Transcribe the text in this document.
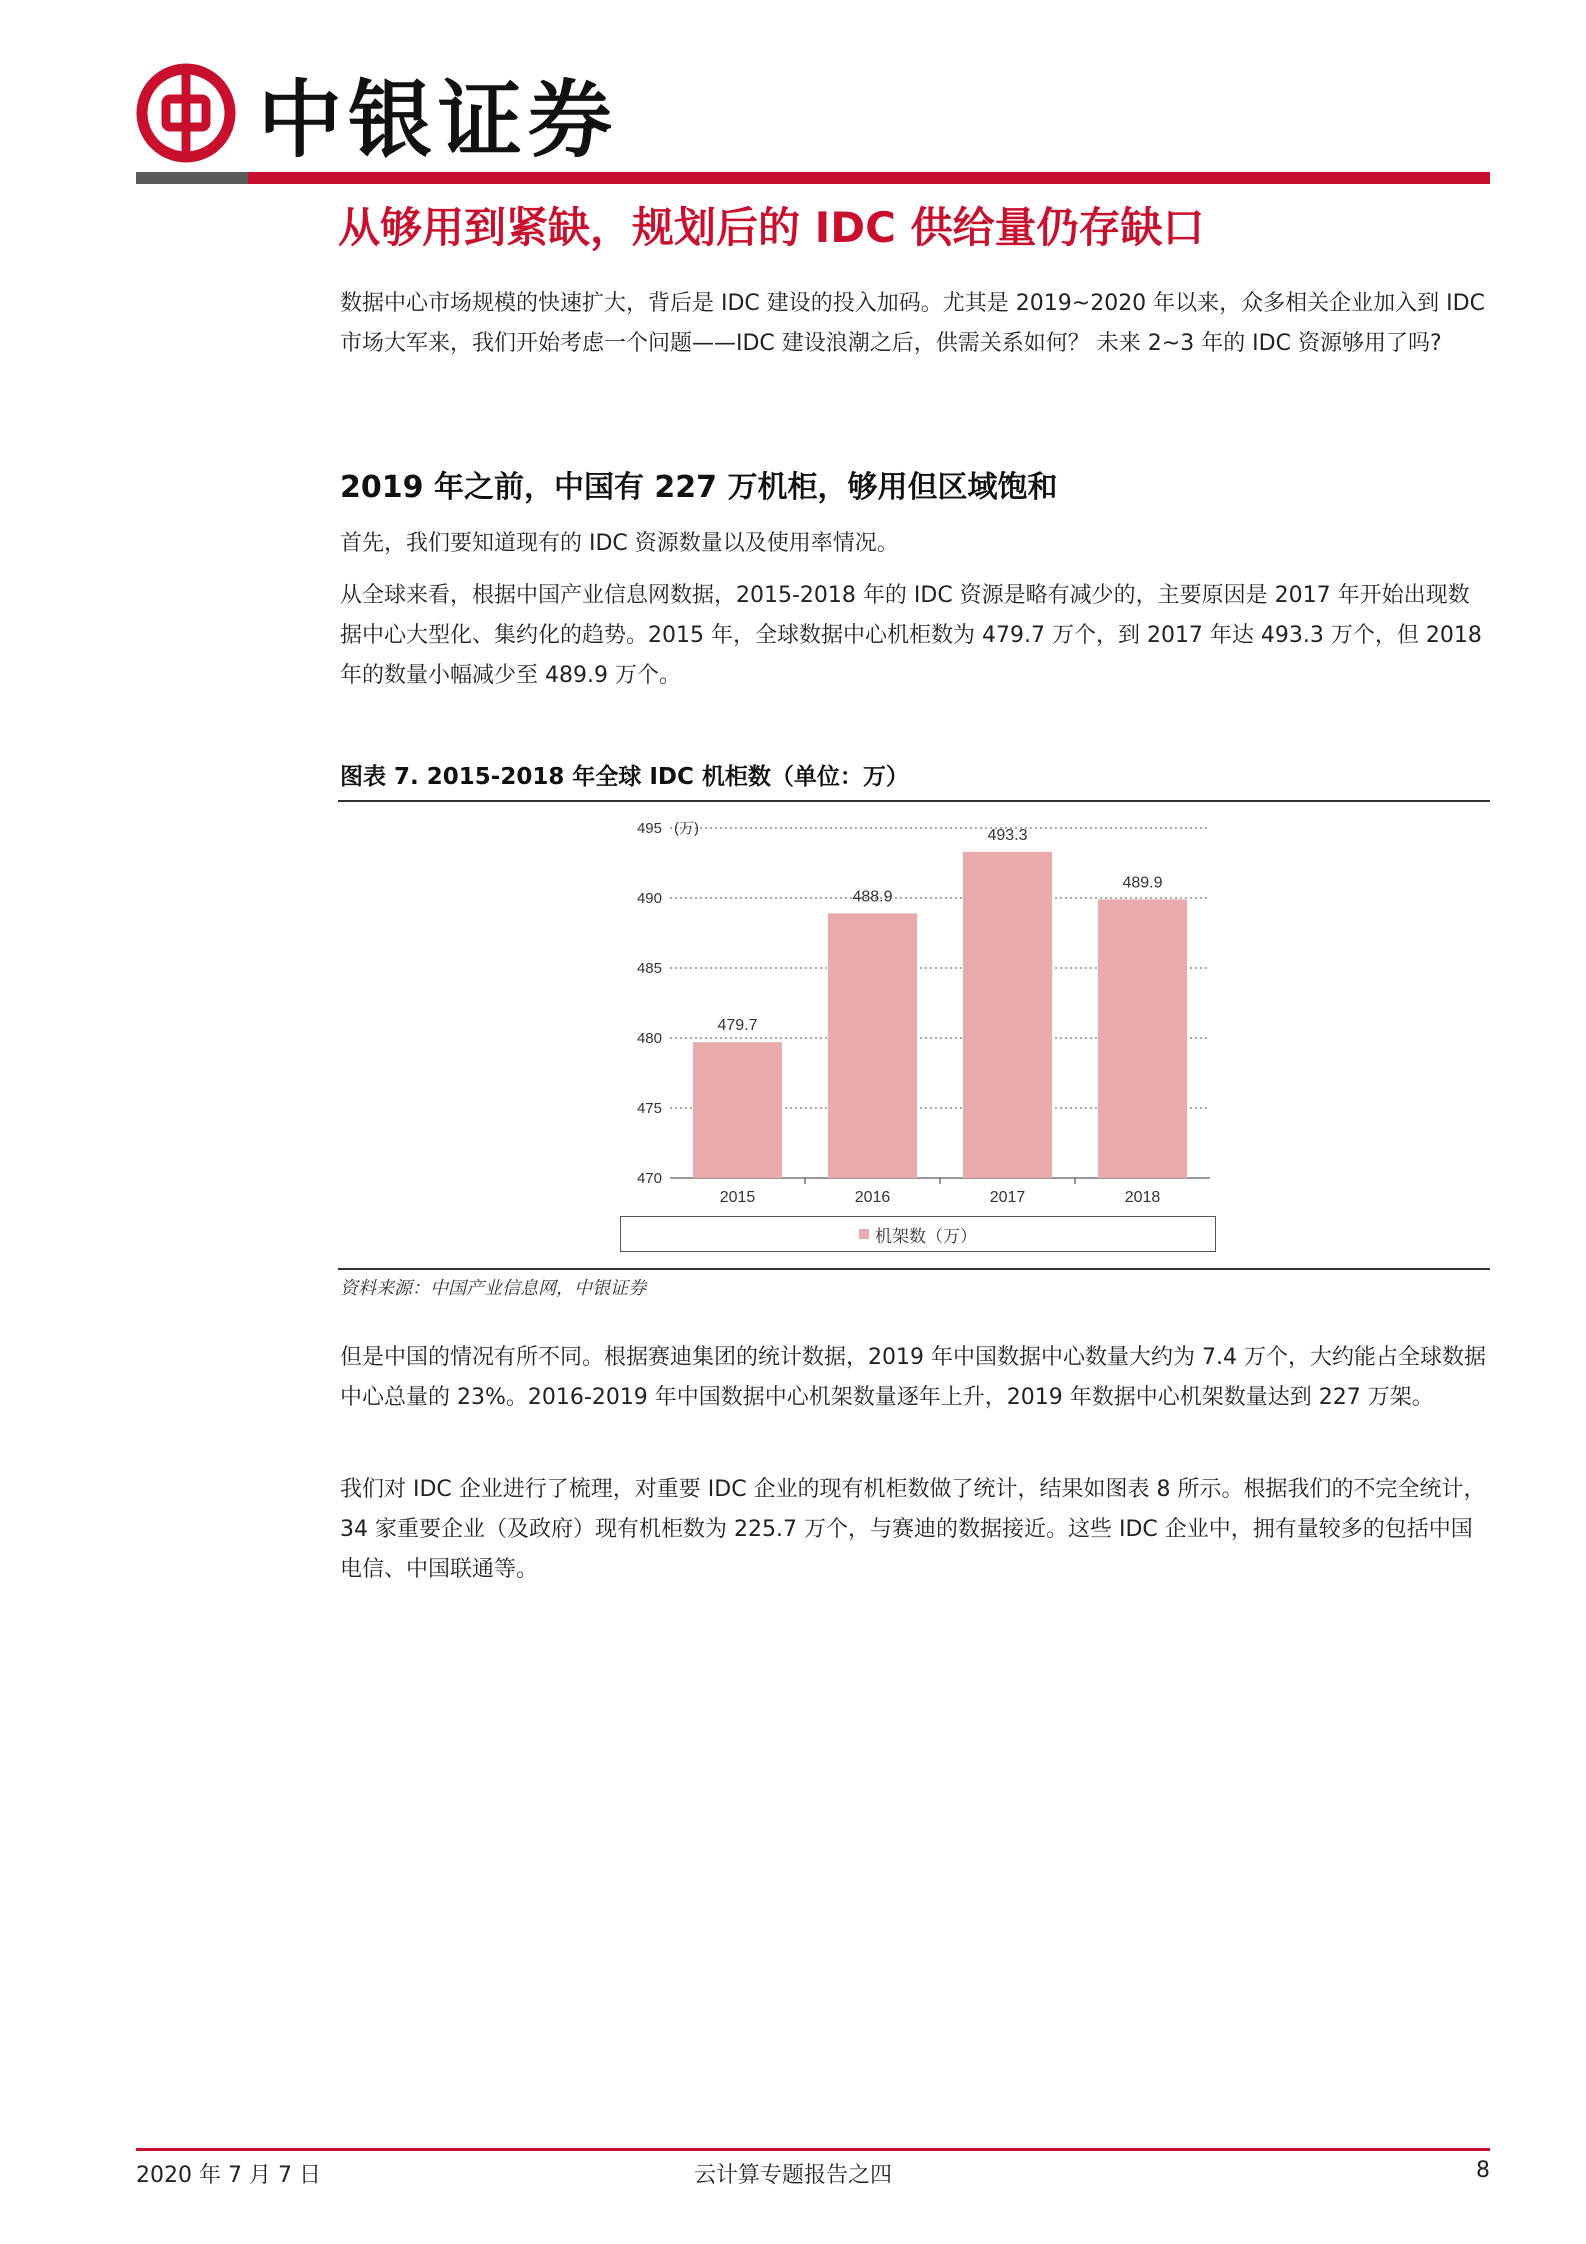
中银证券
从够用到紧缺，规划后的 IDC 供给量仍存缺口

数据中心市场规模的快速扩大，背后是 IDC 建设的投入加码。尤其是 2019~2020 年以来，众多相关企业加入到 IDC 市场大军来，我们开始考虑一个问题——IDC 建设浪潮之后，供需关系如何？ 未来 2~3 年的 IDC 资源够用了吗?

2019 年之前，中国有 227 万机柜，够用但区域饱和

首先，我们要知道现有的 IDC 资源数量以及使用率情况。

从全球来看，根据中国产业信息网数据，2015-2018 年的 IDC 资源是略有减少的，主要原因是 2017 年开始出现数据中心大型化、集约化的趋势。2015 年，全球数据中心机柜数为 479.7 万个，到 2017 年达 493.3 万个，但 2018 年的数量小幅减少至 489.9 万个。

图表 7. 2015-2018 年全球 IDC 机柜数（单位：万）
470
475
480
485
490
495 (万)
479.7
2015
488.9
2016
493.3
2017
489.9
2018
机架数（万）
资料来源：中国产业信息网，中银证券

但是中国的情况有所不同。根据赛迪集团的统计数据，2019 年中国数据中心数量大约为 7.4 万个，大约能占全球数据中心总量的 23%。2016-2019 年中国数据中心机架数量逐年上升，2019 年数据中心机架数量达到 227 万架。

我们对 IDC 企业进行了梳理，对重要 IDC 企业的现有机柜数做了统计，结果如图表 8 所示。根据我们的不完全统计，34 家重要企业（及政府）现有机柜数为 225.7 万个，与赛迪的数据接近。这些 IDC 企业中，拥有量较多的包括中国电信、中国联通等。

2020 年 7 月 7 日	云计算专题报告之四	8
